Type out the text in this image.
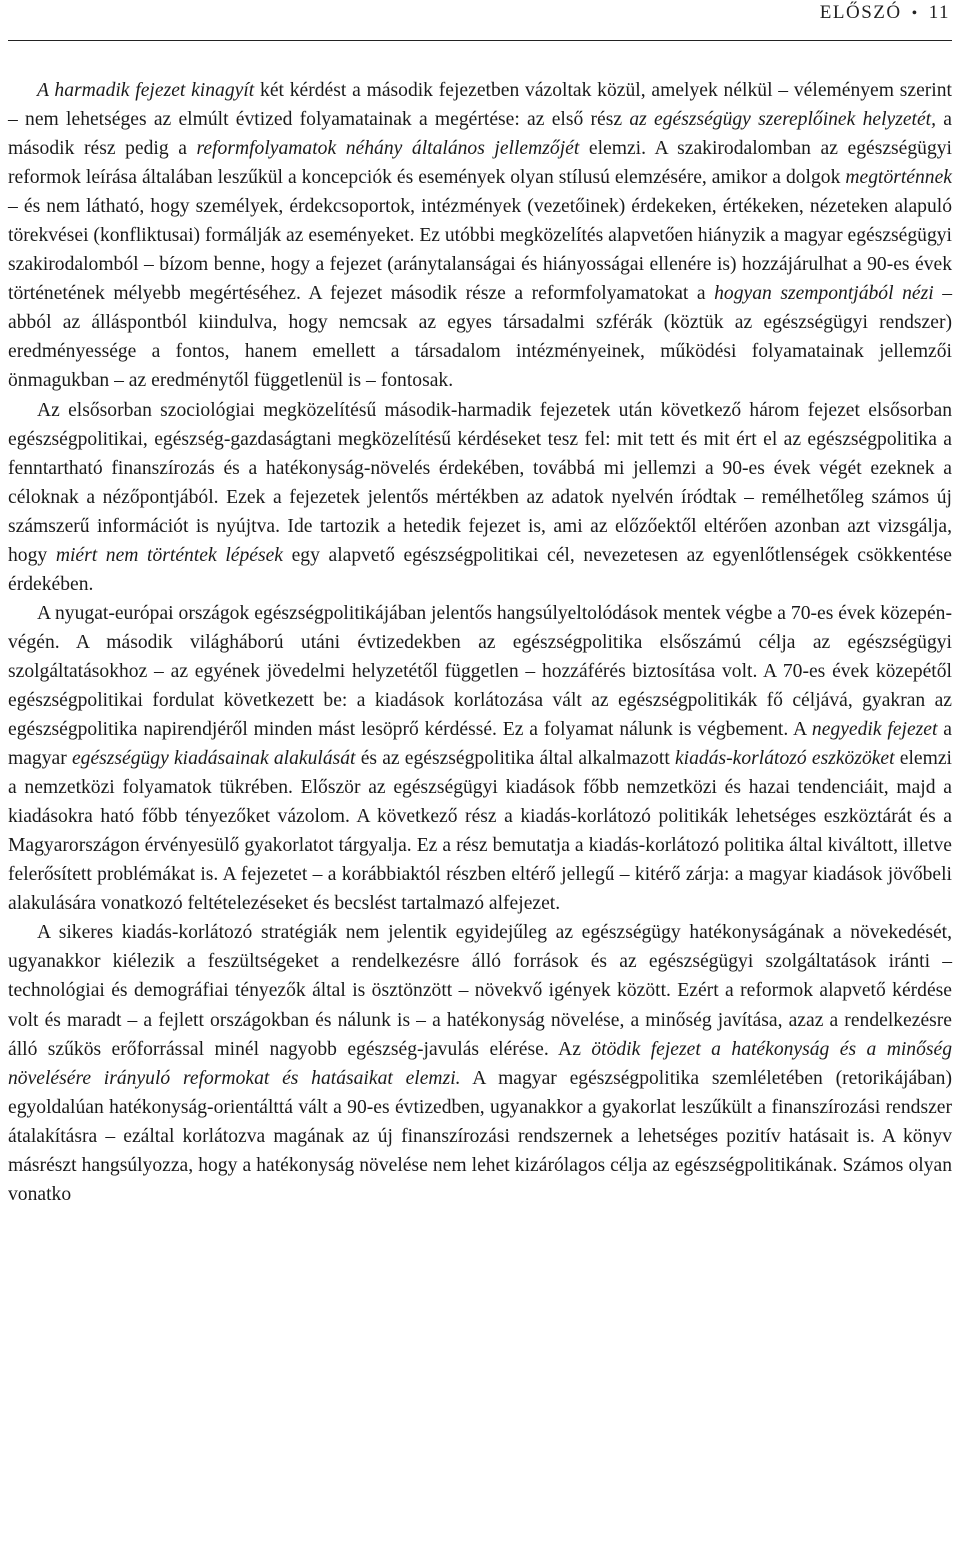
ELŐSZÓ • 11

A harmadik fejezet kinagyít két kérdést a második fejezetben vázoltak közül, amelyek nélkül – véleményem szerint – nem lehetséges az elmúlt évtized folyamatainak a megértése: az első rész az egészségügy szereplőinek helyzetét, a második rész pedig a reformfolyamatok néhány általános jellemzőjét elemzi. A szakirodalomban az egészségügyi reformok leírása általában leszűkül a koncepciók és események olyan stílusú elemzésére, amikor a dolgok megtörténnek – és nem látható, hogy személyek, érdekcsoportok, intézmények (vezetőinek) érdekeken, értékeken, nézeteken alapuló törekvései (konfliktusai) formálják az eseményeket. Ez utóbbi megközelítés alapvetően hiányzik a magyar egészségügyi szakirodalomból – bízom benne, hogy a fejezet (aránytalanságai és hiányosságai ellenére is) hozzájárulhat a 90-es évek történetének mélyebb megértéséhez. A fejezet második része a reformfolyamatokat a hogyan szempontjából nézi – abból az álláspontból kiindulva, hogy nemcsak az egyes társadalmi szférák (köztük az egészségügyi rendszer) eredményessége a fontos, hanem emellett a társadalom intézményeinek, működési folyamatainak jellemzői önmagukban – az eredménytől függetlenül is – fontosak.

Az elsősorban szociológiai megközelítésű második-harmadik fejezetek után következő három fejezet elsősorban egészségpolitikai, egészség-gazdaságtani megközelítésű kérdéseket tesz fel: mit tett és mit ért el az egészségpolitika a fenntartható finanszírozás és a hatékonyság-növelés érdekében, továbbá mi jellemzi a 90-es évek végét ezeknek a céloknak a nézőpontjából. Ezek a fejezetek jelentős mértékben az adatok nyelvén íródtak – remélhetőleg számos új számszerű információt is nyújtva. Ide tartozik a hetedik fejezet is, ami az előzőektől eltérően azonban azt vizsgálja, hogy miért nem történtek lépések egy alapvető egészségpolitikai cél, nevezetesen az egyenlőtlenségek csökkentése érdekében.

A nyugat-európai országok egészségpolitikájában jelentős hangsúlyeltolódások mentek végbe a 70-es évek közepén-végén. A második világháború utáni évtizedekben az egészségpolitika elsőszámú célja az egészségügyi szolgáltatásokhoz – az egyének jövedelmi helyzetétől független – hozzáférés biztosítása volt. A 70-es évek közepétől egészségpolitikai fordulat következett be: a kiadások korlátozása vált az egészségpolitikák fő céljává, gyakran az egészségpolitika napirendjéről minden mást lesöprő kérdéssé. Ez a folyamat nálunk is végbement. A negyedik fejezet a magyar egészségügy kiadásainak alakulását és az egészségpolitika által alkalmazott kiadás-korlátozó eszközöket elemzi a nemzetközi folyamatok tükrében. Először az egészségügyi kiadások főbb nemzetközi és hazai tendenciáit, majd a kiadásokra ható főbb tényezőket vázolom. A következő rész a kiadás-korlátozó politikák lehetséges eszköztárát és a Magyarországon érvényesülő gyakorlatot tárgyalja. Ez a rész bemutatja a kiadás-korlátozó politika által kiváltott, illetve felerősített problémákat is. A fejezetet – a korábbiaktól részben eltérő jellegű – kitérő zárja: a magyar kiadások jövőbeli alakulására vonatkozó feltételezéseket és becslést tartalmazó alfejezet.

A sikeres kiadás-korlátozó stratégiák nem jelentik egyidejűleg az egészségügy hatékonyságának a növekedését, ugyanakkor kiélezik a feszültségeket a rendelkezésre álló források és az egészségügyi szolgáltatások iránti – technológiai és demográfiai tényezők által is ösztönzött – növekvő igények között. Ezért a reformok alapvető kérdése volt és maradt – a fejlett országokban és nálunk is – a hatékonyság növelése, a minőség javítása, azaz a rendelkezésre álló szűkös erőforrással minél nagyobb egészség-javulás elérése. Az ötödik fejezet a hatékonyság és a minőség növelésére irányuló reformokat és hatásaikat elemzi. A magyar egészségpolitika szemléletében (retorikájában) egyoldalúan hatékonyság-orientálttá vált a 90-es évtizedben, ugyanakkor a gyakorlat leszűkült a finanszírozási rendszer átalakításra – ezáltal korlátozva magának az új finanszírozási rendszernek a lehetséges pozitív hatásait is. A könyv másrészt hangsúlyozza, hogy a hatékonyság növelése nem lehet kizárólagos célja az egészségpolitikának. Számos olyan vonatko
